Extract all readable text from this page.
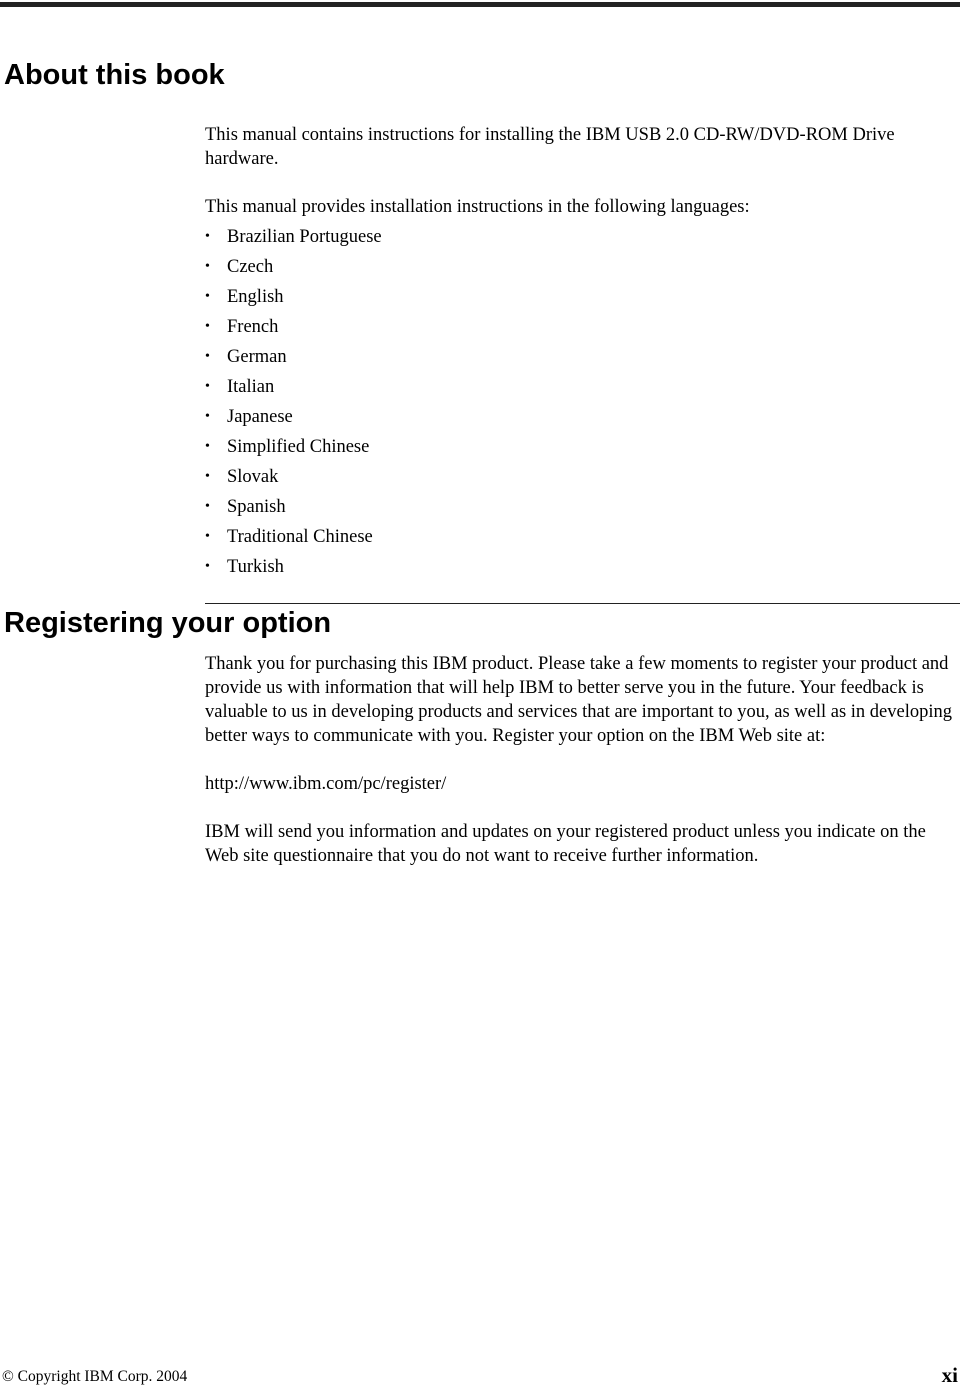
About this book

This manual contains instructions for installing the IBM USB 2.0 CD-RW/DVD-ROM Drive hardware.

This manual provides installation instructions in the following languages:

• Brazilian Portuguese
• Czech
• English
• French
• German
• Italian
• Japanese
• Simplified Chinese
• Slovak
• Spanish
• Traditional Chinese
• Turkish
Registering your option

Thank you for purchasing this IBM product. Please take a few moments to register your product and provide us with information that will help IBM to better serve you in the future. Your feedback is valuable to us in developing products and services that are important to you, as well as in developing better ways to communicate with you. Register your option on the IBM Web site at:

http://www.ibm.com/pc/register/

IBM will send you information and updates on your registered product unless you indicate on the Web site questionnaire that you do not want to receive further information.

© Copyright IBM Corp. 2004	xi
